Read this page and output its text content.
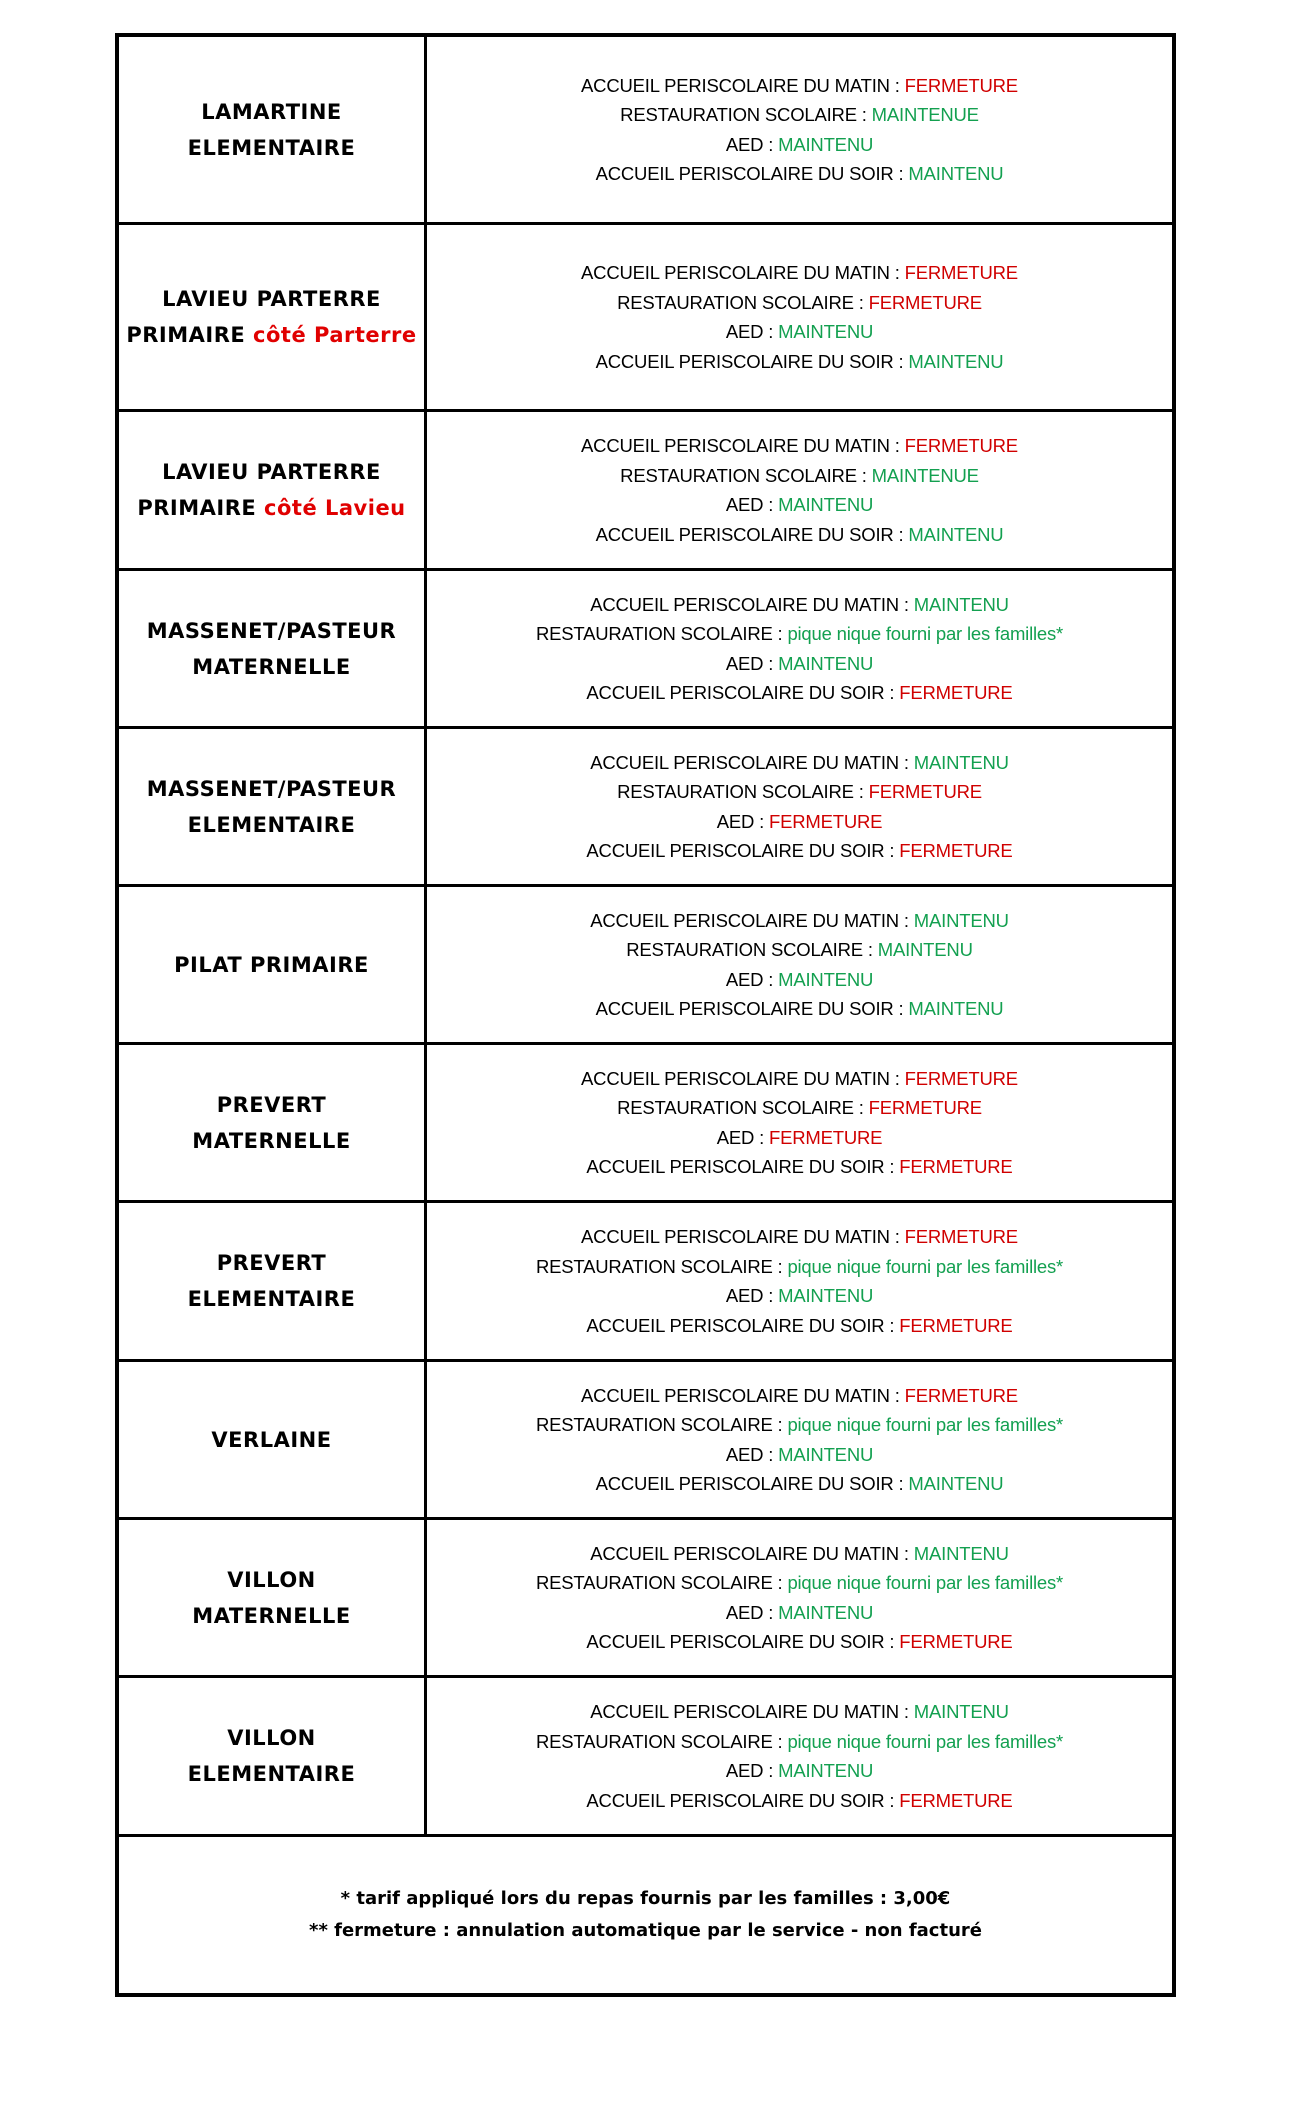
LAMARTINE
ELEMENTAIRE
ACCUEIL PERISCOLAIRE DU MATIN : FERMETURE
RESTAURATION SCOLAIRE : MAINTENUE
AED : MAINTENU
ACCUEIL PERISCOLAIRE DU SOIR : MAINTENU
LAVIEU PARTERRE
PRIMAIRE côté Parterre
ACCUEIL PERISCOLAIRE DU MATIN : FERMETURE
RESTAURATION SCOLAIRE : FERMETURE
AED : MAINTENU
ACCUEIL PERISCOLAIRE DU SOIR : MAINTENU
LAVIEU PARTERRE
PRIMAIRE côté Lavieu
ACCUEIL PERISCOLAIRE DU MATIN : FERMETURE
RESTAURATION SCOLAIRE : MAINTENUE
AED : MAINTENU
ACCUEIL PERISCOLAIRE DU SOIR : MAINTENU
MASSENET/PASTEUR
MATERNELLE
ACCUEIL PERISCOLAIRE DU MATIN : MAINTENU
RESTAURATION SCOLAIRE : pique nique fourni par les familles*
AED : MAINTENU
ACCUEIL PERISCOLAIRE DU SOIR : FERMETURE
MASSENET/PASTEUR
ELEMENTAIRE
ACCUEIL PERISCOLAIRE DU MATIN : MAINTENU
RESTAURATION SCOLAIRE : FERMETURE
AED : FERMETURE
ACCUEIL PERISCOLAIRE DU SOIR : FERMETURE
PILAT PRIMAIRE
ACCUEIL PERISCOLAIRE DU MATIN : MAINTENU
RESTAURATION SCOLAIRE : MAINTENU
AED : MAINTENU
ACCUEIL PERISCOLAIRE DU SOIR : MAINTENU
PREVERT
MATERNELLE
ACCUEIL PERISCOLAIRE DU MATIN : FERMETURE
RESTAURATION SCOLAIRE : FERMETURE
AED : FERMETURE
ACCUEIL PERISCOLAIRE DU SOIR : FERMETURE
PREVERT
ELEMENTAIRE
ACCUEIL PERISCOLAIRE DU MATIN : FERMETURE
RESTAURATION SCOLAIRE : pique nique fourni par les familles*
AED : MAINTENU
ACCUEIL PERISCOLAIRE DU SOIR : FERMETURE
VERLAINE
ACCUEIL PERISCOLAIRE DU MATIN : FERMETURE
RESTAURATION SCOLAIRE : pique nique fourni par les familles*
AED : MAINTENU
ACCUEIL PERISCOLAIRE DU SOIR : MAINTENU
VILLON
MATERNELLE
ACCUEIL PERISCOLAIRE DU MATIN : MAINTENU
RESTAURATION SCOLAIRE : pique nique fourni par les familles*
AED : MAINTENU
ACCUEIL PERISCOLAIRE DU SOIR : FERMETURE
VILLON
ELEMENTAIRE
ACCUEIL PERISCOLAIRE DU MATIN : MAINTENU
RESTAURATION SCOLAIRE : pique nique fourni par les familles*
AED : MAINTENU
ACCUEIL PERISCOLAIRE DU SOIR : FERMETURE
* tarif appliqué lors du repas fournis par les familles : 3,00€
** fermeture : annulation automatique par le service - non facturé
